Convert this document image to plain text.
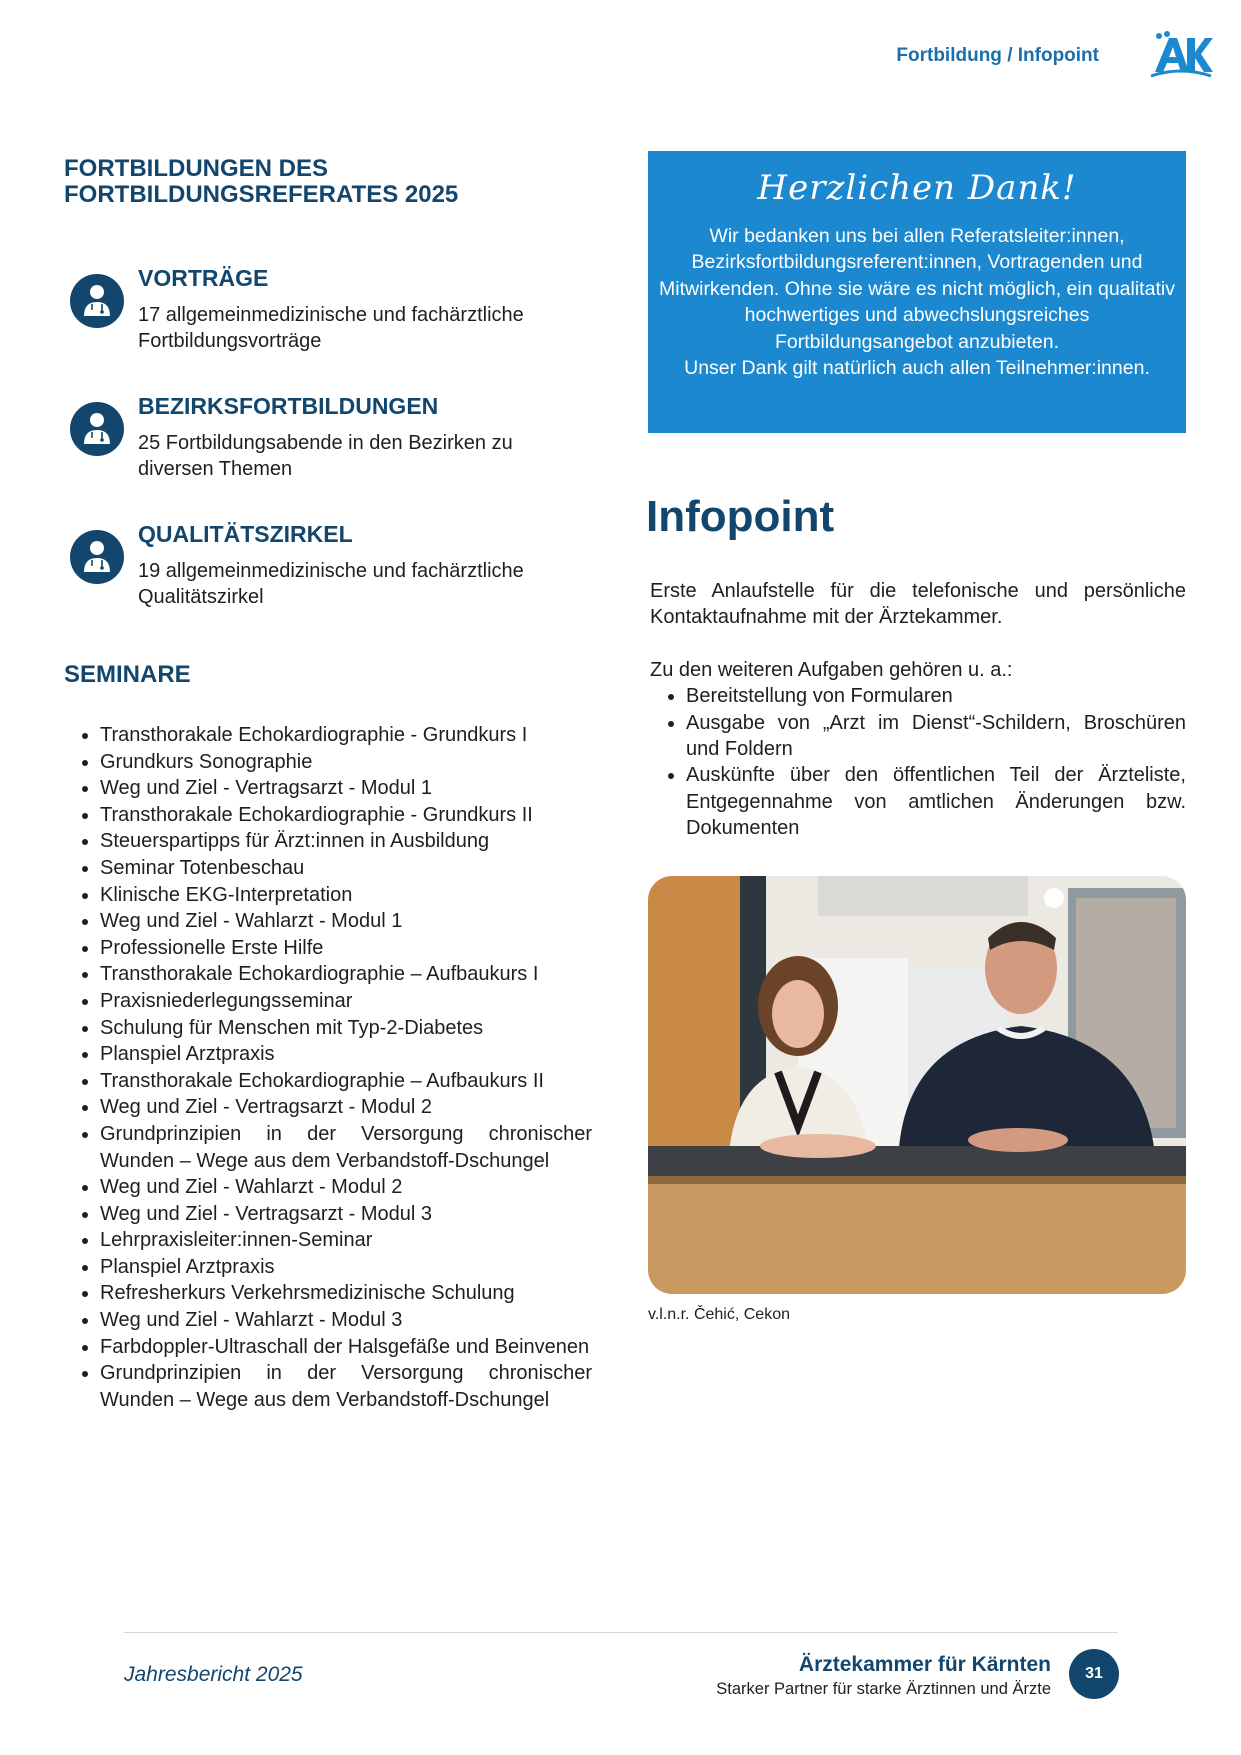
Fortbildung / Infopoint
FORTBILDUNGEN DES
FORTBILDUNGSREFERATES 2025
VORTRÄGE
17 allgemeinmedizinische und fachärztliche Fortbildungsvorträge
BEZIRKSFORTBILDUNGEN
25 Fortbildungsabende in den Bezirken zu diversen Themen
QUALITÄTSZIRKEL
19 allgemeinmedizinische und fachärztliche Qualitätszirkel
SEMINARE
• Transthorakale Echokardiographie - Grundkurs I
• Grundkurs Sonographie
• Weg und Ziel - Vertragsarzt - Modul 1
• Transthorakale Echokardiographie - Grundkurs II
• Steuerspartipps für Ärzt:innen in Ausbildung
• Seminar Totenbeschau
• Klinische EKG-Interpretation
• Weg und Ziel - Wahlarzt - Modul 1
• Professionelle Erste Hilfe
• Transthorakale Echokardiographie – Aufbaukurs I
• Praxisniederlegungsseminar
• Schulung für Menschen mit Typ-2-Diabetes
• Planspiel Arztpraxis
• Transthorakale Echokardiographie – Aufbaukurs II
• Weg und Ziel - Vertragsarzt - Modul 2
• Grundprinzipien in der Versorgung chronischer Wunden – Wege aus dem Verbandstoff-Dschungel
• Weg und Ziel - Wahlarzt - Modul 2
• Weg und Ziel - Vertragsarzt - Modul 3
• Lehrpraxisleiter:innen-Seminar
• Planspiel Arztpraxis
• Refresherkurs Verkehrsmedizinische Schulung
• Weg und Ziel - Wahlarzt - Modul 3
• Farbdoppler-Ultraschall der Halsgefäße und Beinvenen
• Grundprinzipien in der Versorgung chronischer Wunden – Wege aus dem Verbandstoff-Dschungel
Herzlichen Dank!
Wir bedanken uns bei allen Referatsleiter:innen, Bezirksfortbildungsreferent:innen, Vortragenden und Mitwirkenden. Ohne sie wäre es nicht möglich, ein qualitativ hochwertiges und abwechslungsreiches Fortbildungsangebot anzubieten.
Unser Dank gilt natürlich auch allen Teilnehmer:innen.
Infopoint

Erste Anlaufstelle für die telefonische und persönliche Kontaktaufnahme mit der Ärztekammer.

Zu den weiteren Aufgaben gehören u. a.:

• Bereitstellung von Formularen
• Ausgabe von „Arzt im Dienst“-Schildern, Broschüren und Foldern
• Auskünfte über den öffentlichen Teil der Ärzteliste, Entgegennahme von amtlichen Änderungen bzw. Dokumenten
v.l.n.r. Čehić, Cekon
Jahresbericht 2025	Ärztekammer für Kärnten
Starker Partner für starke Ärztinnen und Ärzte
31
